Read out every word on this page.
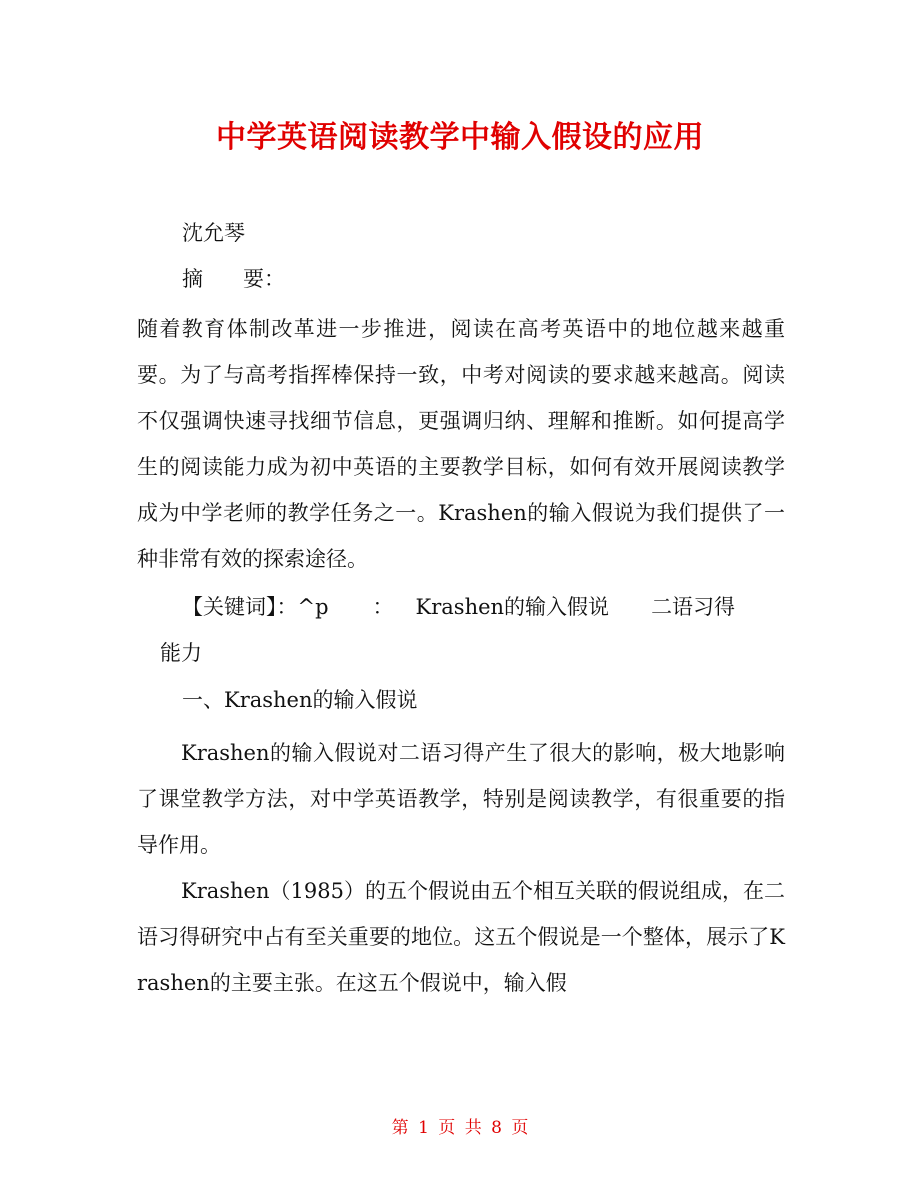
中学英语阅读教学中输入假设的应用
沈允琴
摘 要：

随着教育体制改革进一步推进，阅读在高考英语中的地位越来越重要。为了与高考指挥棒保持一致，中考对阅读的要求越来越高。阅读不仅强调快速寻找细节信息，更强调归纳、理解和推断。如何提高学生的阅读能力成为初中英语的主要教学目标，如何有效开展阅读教学成为中学老师的教学任务之一。Krashen的输入假说为我们提供了一种非常有效的探索途径。

【关键词】：^p ： Krashen的输入假说 二语习得
能力
一、Krashen的输入假说

Krashen的输入假说对二语习得产生了很大的影响，极大地影响了课堂教学方法，对中学英语教学，特别是阅读教学，有很重要的指导作用。

Krashen（1985）的五个假说由五个相互关联的假说组成，在二语习得研究中占有至关重要的地位。这五个假说是一个整体，展示了Krashen的主要主张。在这五个假说中，输入假

第 1 页 共 8 页
